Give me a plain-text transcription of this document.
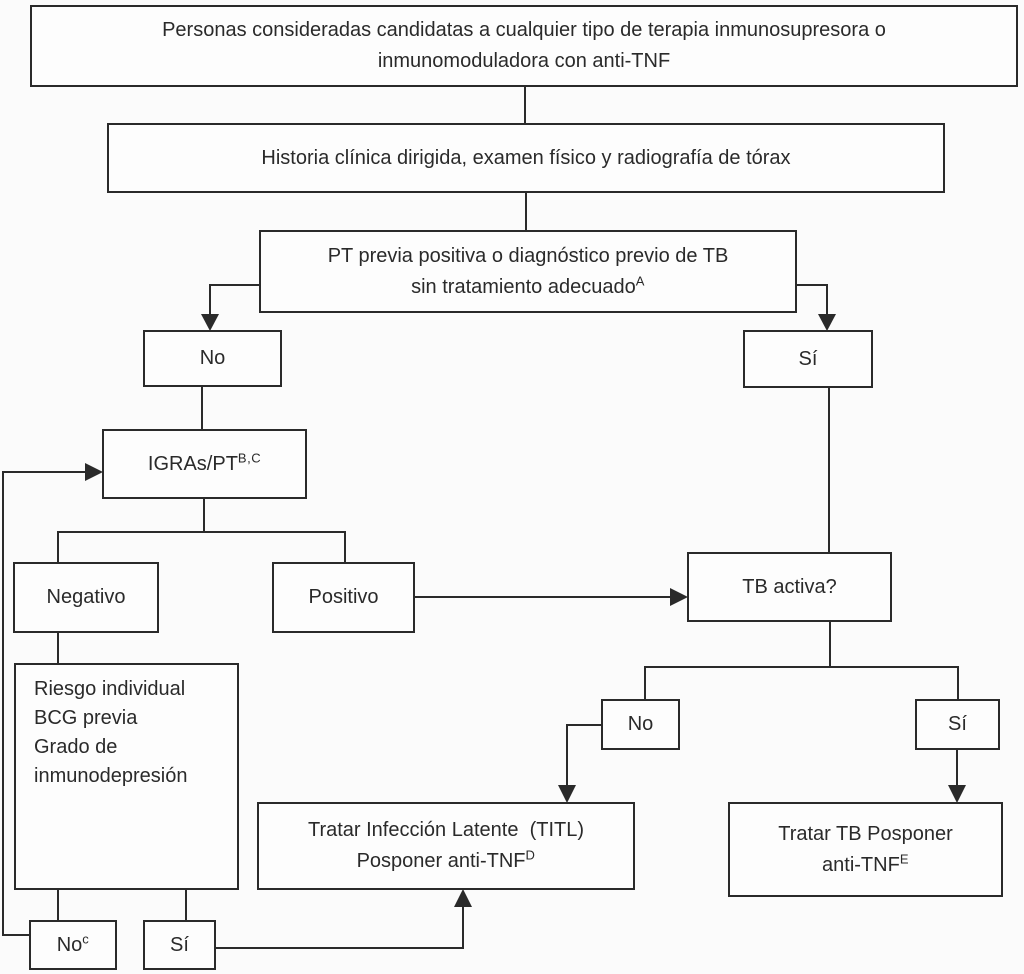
Personas consideradas candidatas a cualquier tipo de terapia inmunosupresora o
inmunomoduladora con anti-TNF
Historia clínica dirigida, examen físico y radiografía de tórax
PT previa positiva o diagnóstico previo de TB
sin tratamiento adecuado$^A$
No	Sí
IGRAs/$PT^{B,C}$
Negativo	Positivo	TB activa?
Riesgo individual
BCG previa
Grado de
inmunodepresión
No	Sí
Tratar Infección Latente  (TITL)
Posponer anti-$TNF^D$
Tratar TB Posponer
anti-$TNF^E$
No$^c$	Sí
